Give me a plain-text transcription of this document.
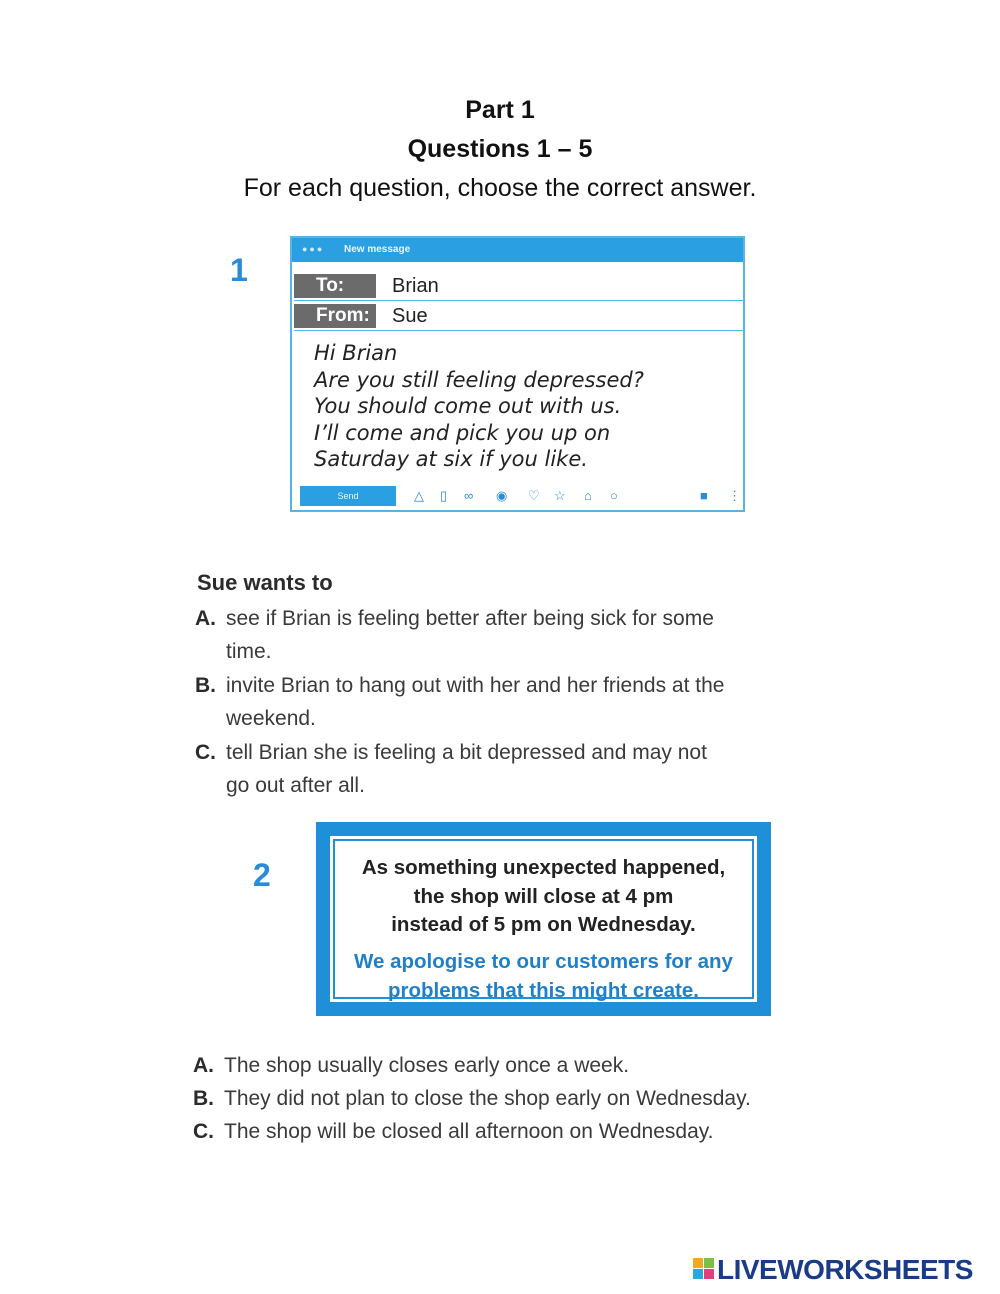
Part 1
Questions 1 – 5
For each question, choose the correct answer.
1
●●● New message
To:	Brian
From:	Sue
Hi Brian
Are you still feeling depressed?
You should come out with us.
I’ll come and pick you up on
Saturday at six if you like.
Send	△ ▯ ∞ ◉ ♡ ☆ ⌂ ○	■ ⋮
Sue wants to
A. see if Brian is feeling better after being sick for some
time.
B. invite Brian to hang out with her and her friends at the
weekend.
C. tell Brian she is feeling a bit depressed and may not
go out after all.
2	As something unexpected happened,
the shop will close at 4 pm
instead of 5 pm on Wednesday.
We apologise to our customers for any
problems that this might create.
A. The shop usually closes early once a week.
B. They did not plan to close the shop early on Wednesday.
C. The shop will be closed all afternoon on Wednesday.
LIVEWORKSHEETS
